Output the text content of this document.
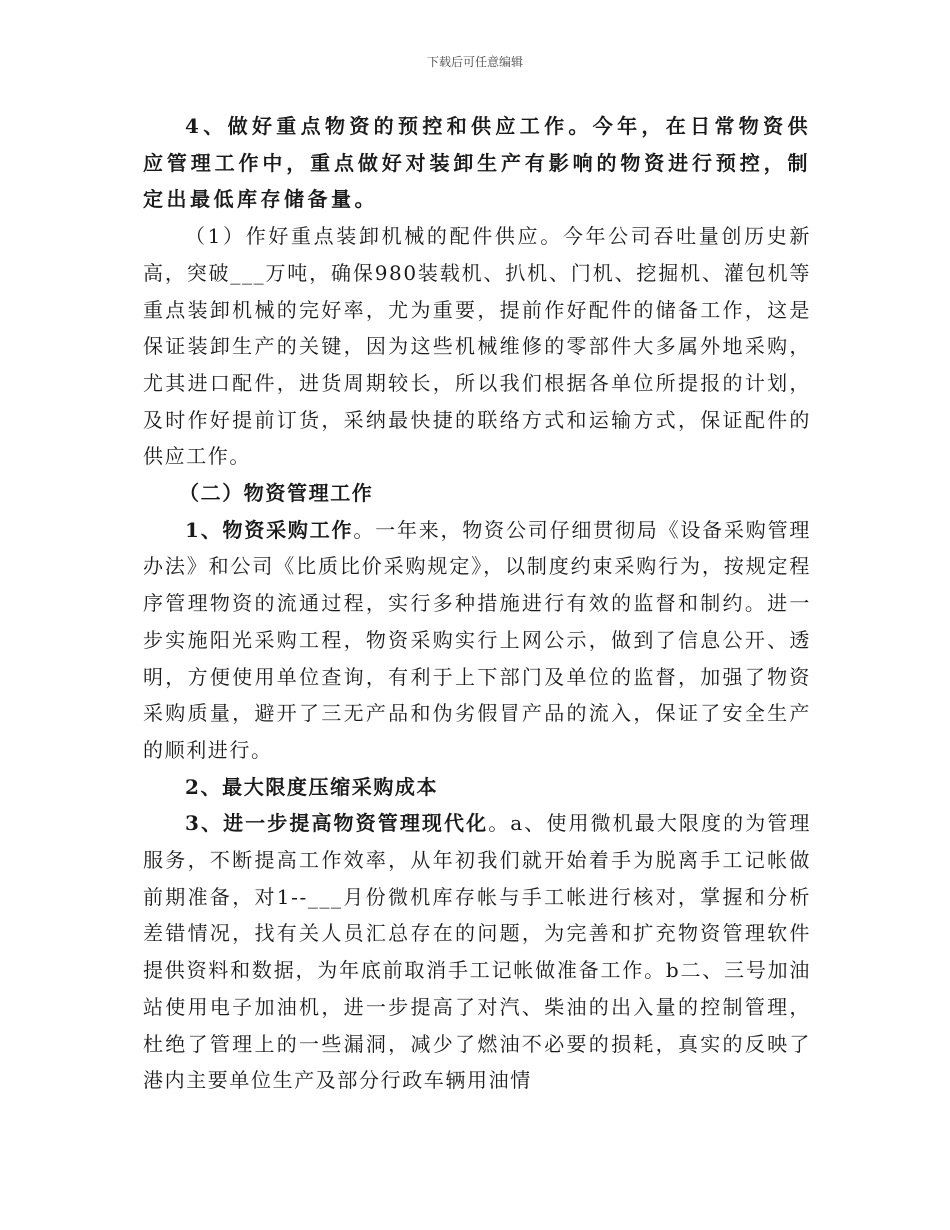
下载后可任意编辑

4、做好重点物资的预控和供应工作。今年，在日常物资供应管理工作中，重点做好对装卸生产有影响的物资进行预控，制定出最低库存储备量。

（1）作好重点装卸机械的配件供应。今年公司吞吐量创历史新高，突破___万吨，确保980装载机、扒机、门机、挖掘机、灌包机等重点装卸机械的完好率，尤为重要，提前作好配件的储备工作，这是保证装卸生产的关键，因为这些机械维修的零部件大多属外地采购，尤其进口配件，进货周期较长，所以我们根据各单位所提报的计划，及时作好提前订货，采纳最快捷的联络方式和运输方式，保证配件的供应工作。

（二）物资管理工作

1、物资采购工作。一年来，物资公司仔细贯彻局《设备采购管理办法》和公司《比质比价采购规定》，以制度约束采购行为，按规定程序管理物资的流通过程，实行多种措施进行有效的监督和制约。进一步实施阳光采购工程，物资采购实行上网公示，做到了信息公开、透明，方便使用单位查询，有利于上下部门及单位的监督，加强了物资采购质量，避开了三无产品和伪劣假冒产品的流入，保证了安全生产的顺利进行。

2、最大限度压缩采购成本

3、进一步提高物资管理现代化。a、使用微机最大限度的为管理服务，不断提高工作效率，从年初我们就开始着手为脱离手工记帐做前期准备，对1--___月份微机库存帐与手工帐进行核对，掌握和分析差错情况，找有关人员汇总存在的问题，为完善和扩充物资管理软件提供资料和数据，为年底前取消手工记帐做准备工作。b二、三号加油站使用电子加油机，进一步提高了对汽、柴油的出入量的控制管理，杜绝了管理上的一些漏洞，减少了燃油不必要的损耗，真实的反映了港内主要单位生产及部分行政车辆用油情
